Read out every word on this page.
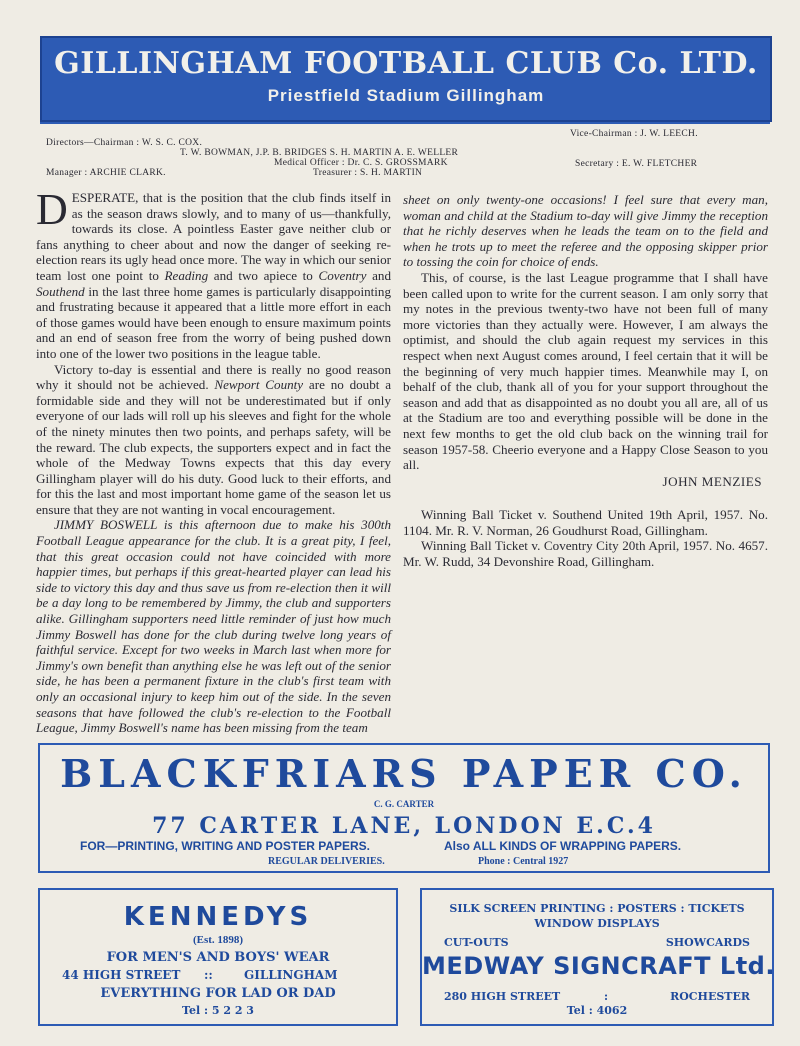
GILLINGHAM FOOTBALL CLUB Co. LTD.
Priestfield Stadium Gillingham
Directors—Chairman : W. S. C. COX.
Vice-Chairman : J. W. LEECH.
T. W. BOWMAN, J.P. B. BRIDGES S. H. MARTIN A. E. WELLER
Medical Officer : Dr. C. S. GROSSMARK
Manager : ARCHIE CLARK.	Treasurer : S. H. MARTIN
Secretary : E. W. FLETCHER

DESPERATE, that is the position that the club finds itself in as the season draws slowly, and to many of us—thankfully, towards its close. A pointless Easter gave neither club or fans anything to cheer about and now the danger of seeking re-election rears its ugly head once more. The way in which our senior team lost one point to Reading and two apiece to Coventry and Southend in the last three home games is particularly disappointing and frustrating because it appeared that a little more effort in each of those games would have been enough to ensure maximum points and an end of season free from the worry of being pushed down into one of the lower two positions in the league table.

Victory to-day is essential and there is really no good reason why it should not be achieved. Newport County are no doubt a formidable side and they will not be underestimated but if only everyone of our lads will roll up his sleeves and fight for the whole of the ninety minutes then two points, and perhaps safety, will be the reward. The club expects, the supporters expect and in fact the whole of the Medway Towns expects that this day every Gillingham player will do his duty. Good luck to their efforts, and for this the last and most important home game of the season let us ensure that they are not wanting in vocal encouragement.

JIMMY BOSWELL is this afternoon due to make his 300th Football League appearance for the club. It is a great pity, I feel, that this great occasion could not have coincided with more happier times, but perhaps if this great-hearted player can lead his side to victory this day and thus save us from re-election then it will be a day long to be remembered by Jimmy, the club and supporters alike. Gillingham supporters need little reminder of just how much Jimmy Boswell has done for the club during twelve long years of faithful service. Except for two weeks in March last when more for Jimmy's own benefit than anything else he was left out of the senior side, he has been a permanent fixture in the club's first team with only an occasional injury to keep him out of the side. In the seven seasons that have followed the club's re-election to the Football League, Jimmy Boswell's name has been missing from the team

sheet on only twenty-one occasions! I feel sure that every man, woman and child at the Stadium to-day will give Jimmy the reception that he richly deserves when he leads the team on to the field and when he trots up to meet the referee and the opposing skipper prior to tossing the coin for choice of ends.

This, of course, is the last League programme that I shall have been called upon to write for the current season. I am only sorry that my notes in the previous twenty-two have not been full of many more victories than they actually were. However, I am always the optimist, and should the club again request my services in this respect when next August comes around, I feel certain that it will be the beginning of very much happier times. Meanwhile may I, on behalf of the club, thank all of you for your support throughout the season and add that as disappointed as no doubt you all are, all of us at the Stadium are too and everything possible will be done in the next few months to get the old club back on the winning trail for season 1957-58. Cheerio everyone and a Happy Close Season to you all.

JOHN MENZIES

Winning Ball Ticket v. Southend United 19th April, 1957. No. 1104. Mr. R. V. Norman, 26 Goudhurst Road, Gillingham.

Winning Ball Ticket v. Coventry City 20th April, 1957. No. 4657. Mr. W. Rudd, 34 Devonshire Road, Gillingham.

BLACKFRIARS PAPER CO.
C. G. CARTER
77 CARTER LANE, LONDON E.C.4
FOR—PRINTING, WRITING AND POSTER PAPERS.	Also ALL KINDS OF WRAPPING PAPERS.
REGULAR DELIVERIES.	Phone : Central 1927
KENNEDYS
(Est. 1898)
FOR MEN'S AND BOYS' WEAR
44 HIGH STREET ::	GILLINGHAM
EVERYTHING FOR LAD OR DAD
Tel : 5 2 2 3
SILK SCREEN PRINTING : POSTERS : TICKETS
WINDOW DISPLAYS
CUT-OUTS	SHOWCARDS
MEDWAY SIGNCRAFT Ltd.
280 HIGH STREET	:	ROCHESTER
Tel : 4062
